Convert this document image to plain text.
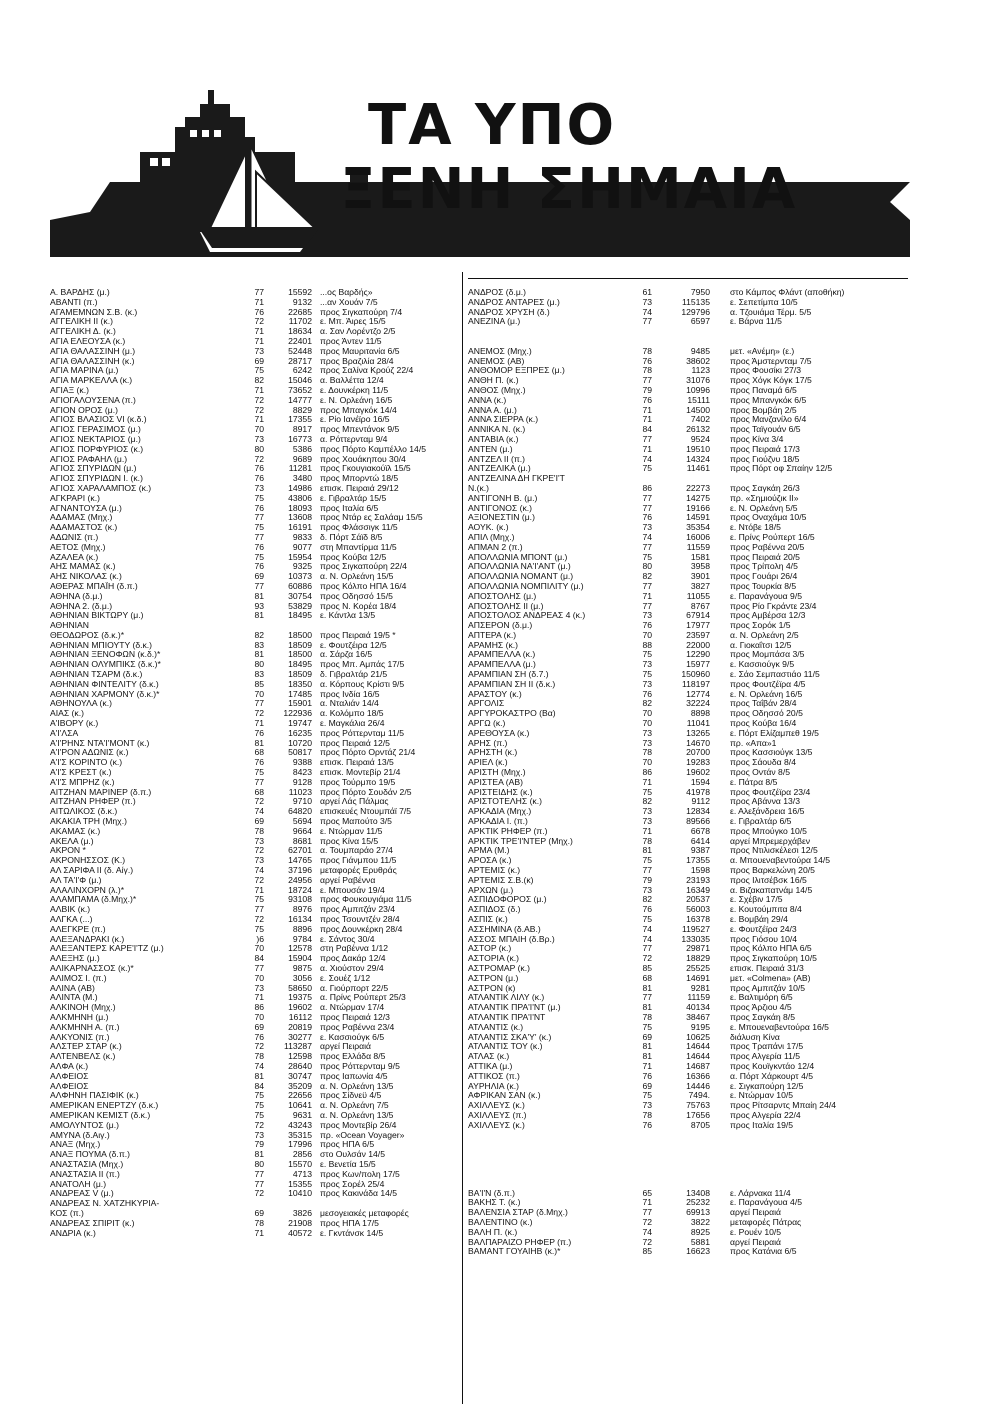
ΤΑ ΥΠΟ
ΞΕΝΗ ΣΗΜΑΙΑ
Α. ΒΑΡΔΗΣ (μ.)	77	15592 ...ος Βαρδής»
ΑΒΑΝΤΙ (π.)	71	9132 ...αν Χουάν 7/5
ΑΓΑΜΕΜΝΩΝ Σ.Β. (κ.)	76	22685 προς Σιγκαπούρη 7/4
ΑΓΓΕΛΙΚΗ ΙΙ (κ.)	72	11702 ε. Μπ. Άιρες 15/5
ΑΓΓΕΛΙΚΗ Δ. (κ.)	71	18634 α. Σαν Λορέντζο 2/5
ΑΓΙΑ ΕΛΕΟΥΣΑ (κ.)	71	22401 προς Άντεν 11/5
ΑΓΙΑ ΘΑΛΑΣΣΙΝΗ (μ.)	73	52448 προς Μαυριτανία 6/5
ΑΓΙΑ ΘΑΛΑΣΣΙΝΗ (κ.)	69	28717 προς Βραζιλία 28/4
ΑΓΙΑ ΜΑΡΙΝΑ (μ.)	75	6242 προς Σαλίνα Κρούζ 22/4
ΑΓΙΑ ΜΑΡΚΕΛΛΑ (κ.)	82	15046 α. Βαλλέττα 12/4
ΑΓΙΑΞ (κ.)	71	73652 ε. Δουνκέρκη 11/5
ΑΓΙΟΓΑΛΟΥΣΕΝΑ (π.)	72	14777 ε. Ν. Ορλεάνη 16/5
ΑΓΙΟΝ ΟΡΟΣ (μ.)	72	8829 προς Μπαγκόκ 14/4
ΑΓΙΟΣ ΒΛΑΣΙΟΣ VI (κ.δ.)	71	17355 ε. Ρίο Ιανέϊρο 16/5
ΑΓΙΟΣ ΓΕΡΑΣΙΜΟΣ (μ.)	70	8917 προς Μπεντάνοκ 9/5
ΑΓΙΟΣ ΝΕΚΤΑΡΙΟΣ (μ.)	73	16773 α. Ρόττερνταμ 9/4
ΑΓΙΟΣ ΠΟΡΦΥΡΙΟΣ (κ.)	80	5386 προς Πόρτο Καμπέλλο 14/5
ΑΓΙΟΣ ΡΑΦΑΗΛ (μ.)	72	9689 προς Χουάκηπου 30/4
ΑΓΙΟΣ ΣΠΥΡΙΔΩΝ (μ.)	76	11281 προς Γκουγιακούϊλ 15/5
ΑΓΙΟΣ ΣΠΥΡΙΔΩΝ Ι. (κ.)	76	3480 προς Μπορντώ 18/5
ΑΓΙΟΣ ΧΑΡΑΛΑΜΠΟΣ (κ.)	73	14986 επισκ. Πειραιά 29/12
ΑΓΚΡΑΡΙ (κ.)	75	43806 ε. Γιβραλτάρ 15/5
ΑΓΝΑΝΤΟΥΣΑ (μ.)	76	18093 προς Ιταλία 6/5
ΑΔΑΜΑΣ (Μηχ.)	77	13608 προς Ντάρ ες Σαλάαμ 15/5
ΑΔΑΜΑΣΤΟΣ (κ.)	75	16191 προς Φλάσσιγκ 11/5
ΑΔΩΝΙΣ (π.)	77	9833 δ. Πόρτ Σάϊδ 8/5
ΑΕΤΟΣ (Μηχ.)	76	9077 στη Μπαντίρμα 11/5
ΑΖΑΛΕΑ (κ.)	75	15954 προς Κούβα 12/5
ΑΗΣ ΜΑΜΑΣ (κ.)	76	9325 προς Σιγκαπούρη 22/4
ΑΗΣ ΝΙΚΟΛΑΣ (κ.)	69	10373 α. Ν. Ορλεάνη 15/5
ΑΘΕΡΑΣ ΜΠΑΪΗ (δ.π.)	77	60886 προς Κόλπο ΗΠΑ 16/4
ΑΘΗΝΑ (δ.μ.)	81	30754 προς Οδησσό 15/5
ΑΘΗΝΑ 2. (δ.μ.)	93	53829 προς Ν. Κορέα 18/4
ΑΘΗΝΙΑΝ ΒΙΚΤΩΡΥ (μ.)	81	18495 ε. Κάντλα 13/5
ΑΘΗΝΙΑΝ
ΘΕΟΔΩΡΟΣ (δ.κ.)*	82	18500 προς Πειραιά 19/5 *
ΑΘΗΝΙΑΝ ΜΠΙΟΥΤΥ (δ.κ.)	83	18509 ε. Φουτζέιρα 12/5
ΑΘΗΝΙΑΝ ΞΕΝΟΦΩΝ (κ.δ.)*	81	18500 α. Σάρζα 16/5
ΑΘΗΝΙΑΝ ΟΛΥΜΠΙΚΣ (δ.κ.)*	80	18495 προς Μπ. Αμπάς 17/5
ΑΘΗΝΙΑΝ ΤΣΑΡΜ (δ.κ.)	83	18509 δ. Γιβραλτάρ 21/5
ΑΘΗΝΙΑΝ ΦΙΝΤΕΛΙΤΥ (δ.κ.)	85	18350 α. Κόρπους Κρίστι 9/5
ΑΘΗΝΙΑΝ ΧΑΡΜΟΝΥ (δ.κ.)*	70	17485 προς Ινδία 16/5
ΑΘΗΝΟΥΛΑ (κ.)	77	15901 α. Νταλιάν 14/4
ΑΙΑΣ (κ.)	72	122936 α. Κολόμπο 18/5
Α'ΙΒΟΡΥ (κ.)	71	19747 ε. Μαγκάλια 26/4
Α'Ι'ΛΣΑ	76	16235 προς Ρόττερνταμ 11/5
Α'Ι'ΡΗΝΣ ΝΤΑ'Ι'ΜΟΝΤ (κ.)	81	10720 προς Πειραιά 12/5
Α'Ι'ΡΟΝ ΑΔΩΝΙΣ (κ.)	68	50817 προς Πόρτο Ορντάζ 21/4
Α'Ι'Σ ΚΟΡΙΝΤΟ (κ.)	76	9388 επισκ. Πειραιά 13/5
Α'Ι'Σ ΚΡΕΣΤ (κ.)	75	8423 επισκ. Μοντεβίρ 21/4
Α'Ι'Σ ΜΠΡΗΖ (κ.)	77	9128 προς Τούρμπο 19/5
ΑΙΤΖΗΑΝ ΜΑΡΙΝΕΡ (δ.π.)	68	11023 προς Πόρτο Σουδάν 2/5
ΑΙΤΖΗΑΝ ΡΗΦΕΡ (π.)	72	9710 αργεί Λάς Πάλμας
ΑΙΤΩΛΙΚΟΣ (δ.κ.)	74	64820 επισκευές Ντουμπάϊ 7/5
ΑΚΑΚΙΑ ΤΡΗ (Μηχ.)	69	5694 προς Μαπούτο 3/5
ΑΚΑΜΑΣ (κ.)	78	9664 ε. Ντώρμαν 11/5
ΑΚΕΛΑ (μ.)	73	8681 προς Κίνα 15/5
ΑΚΡΟΝ *	72	62701 α. Τουμπαράο 27/4
ΑΚΡΟΝΗΣΣΟΣ (Κ.)	73	14765 προς Γιάνμπου 11/5
ΑΛ ΣΑΡΙΦΑ ΙΙ (δ. Αίγ.)	74	37196 μεταφορές Ερυθράς
ΑΛ ΤΑ'Ι'Φ (μ.)	72	24956 αργεί Ραβέννα
ΑΛΑΛΙΝΧΟΡΝ (λ.)*	71	18724 ε. Μπουσάν 19/4
ΑΛΑΜΠΑΜΑ (δ.Μηχ.)*	75	93108 προς Φουκουγιάμα 11/5
ΑΛΒΙΚ (κ.)	77	8976 προς Αμπιτζάν 23/4
ΑΛΓΚΑ (...)	72	16134 προς Τσουντζέν 28/4
ΑΛΕΓΚΡΕ (π.)	75	8896 προς Δουνκέρκη 28/4
ΑΛΕΞΑΝΔΡΑΚΙ (κ.)	)6	9784 ε. Σάντος 30/4
ΑΛΕΞΑΝΤΕΡΣ ΚΑΡΕ'Ι'ΤΖ (μ.)	70	12578 στη Ραβέννα 1/12
ΑΛΕΞΗΣ (μ.)	84	15904 προς Δακάρ 12/4
ΑΛΙΚΑΡΝΑΣΣΟΣ (κ.)*	77	9875 α. Χιούστον 29/4
ΑΛΙΜΟΣ Ι. (π.)	70	3056 ε. Σουέζ 1/12
ΑΛΙΝΑ (ΑΒ)	73	58650 α. Γιούρπορτ 22/5
ΑΛΙΝΤΑ (Μ.)	71	19375 α. Πρίνς Ρούπερτ 25/3
ΑΛΚΙΝΟΗ (Μηχ.)	86	19602 α. Ντώρμαν 17/4
ΑΛΚΜΗΝΗ (μ.)	70	16112 προς Πειραιά 12/3
ΑΛΚΜΗΝΗ Α. (π.)	69	20819 προς Ραβέννα 23/4
ΑΛΚΥΟΝΙΣ (π.)	76	30277 ε. Κασσιούγκ 6/5
ΑΛΣΤΕΡ ΣΤΑΡ (κ.)	72	113287 αργεί Πειραιά
ΑΛΤΕΝΒΕΛΣ (κ.)	78	12598 προς Ελλάδα 8/5
ΑΛΦΑ (κ.)	74	28640 προς Ρόττερνταμ 9/5
ΑΛΦΕΙΟΣ	81	30747 προς Ιαπωνία 4/5
ΑΛΦΕΙΟΣ	84	35209 α. Ν. Ορλεάνη 13/5
ΑΛΦΗΝΗ ΠΑΣΙΦΙΚ (κ.)	75	22656 προς Σίδνεϋ 4/5
ΑΜΕΡΙΚΑΝ ΕΝΕΡΤΖΥ (δ.κ.)	75	10641 α. Ν. Ορλεάνη 7/5
ΑΜΕΡΙΚΑΝ ΚΕΜΙΣΤ (δ.κ.)	75	9631 α. Ν. Ορλεάνη 13/5
ΑΜΟΛΥΝΤΟΣ (μ.)	72	43243 προς Μοντεβίρ 26/4
ΑΜΥΝΑ (δ.Αιγ.)	73	35315 πρ. «Ocean Voyager»
ΑΝΑΞ (Μηχ.)	79	17996 προς ΗΠΑ 6/5
ΑΝΑΞ ΠΟΥΜΑ (δ.π.)	81	2856 στο Ουλσάν 14/5
ΑΝΑΣΤΑΣΙΑ (Μηχ.)	80	15570 ε. Βενετία 15/5
ΑΝΑΣΤΑΣΙΑ ΙΙ (π.)	77	4713 προς Κων/πολη 17/5
ΑΝΑΤΟΛΗ (μ.)	77	15355 προς Σορέλ 25/4
ΑΝΔΡΕΑΣ V (μ.)	72	10410 προς Κακινάδα 14/5
ΑΝΔΡΕΑΣ Ν. ΧΑΤΖΗΚΥΡΙΑ-
ΚΟΣ (π.)	69	3826 μεσογειακές μεταφορές
ΑΝΔΡΕΑΣ ΣΠΙΡΙΤ (κ.)	78	21908 προς ΗΠΑ 17/5
ΑΝΔΡΙΑ (κ.)	71	40572 ε. Γκντάνσκ 14/5
ΑΝΔΡΟΣ (δ.μ.)	61	7950 στο Κάμπος Φλάντ (αποθήκη)
ΑΝΔΡΟΣ ΑΝΤΑΡΕΣ (μ.)	73	115135 ε. Σεπετίμπα 10/5
ΑΝΔΡΟΣ ΧΡΥΣΗ (δ.)	74	129796 α. Τζουιάμα Τέρμ. 5/5
ΑΝΕΖΙΝΑ (μ.)	77	6597 ε. Βάρνα 11/5
ΑΝΕΜΟΣ (Μηχ.)	78	9485 μετ. «Ανέμη» (ε.)
ΑΝΕΜΟΣ (ΑΒ)	76	38602 προς Άμστερνταμ 7/5
ΑΝΘΟΜΟΡ ΕΞΠΡΕΣ (μ.)	78	1123 προς Φουσίκι 27/3
ΑΝΘΗ Π. (κ.)	77	31076 προς Χόγκ Κόγκ 17/5
ΑΝΘΟΣ (Μηχ.)	79	10996 προς Παναμά 6/5
ΑΝΝΑ (κ.)	76	15111 προς Μπανγκόκ 6/5
ΑΝΝΑ Α. (μ.)	71	14500 προς Βομβάη 2/5
ΑΝΝΑ ΣΙΕΡΡΑ (κ.)	71	7402 προς Μανζανίλο 6/4
ΑΝΝΙΚΑ Ν. (κ.)	84	26132 προς Ταϊγουάν 6/5
ΑΝΤΑΒΙΑ (κ.)	77	9524 προς Κίνα 3/4
ΑΝΤΕΝ (μ.)	71	19510 προς Πειραιά 17/3
ΑΝΤΖΕΛ ΙΙ (π.)	74	14324 προς Γιούζνυ 18/5
ΑΝΤΖΕΛΙΚΑ (μ.)	75	11461 προς Πόρτ οφ Σπαίην 12/5
ΑΝΤΖΕΛΙΝΑ ΔΗ ΓΚΡΕ'Ι'Τ
Ν.(κ.)	86	22273 προς Σαγκάη 26/3
ΑΝΤΙΓΟΝΗ Β. (μ.)	77	14275 πρ. «Σημιούζικ ΙΙ»
ΑΝΤΙΓΟΝΟΣ (κ.)	77	19166 ε. Ν. Ορλεάνη 5/5
ΑΞΙΟΝΕΣΤΙΝ (μ.)	76	14591 προς Οναχάμα 10/5
ΑΟΥΚ. (κ.)	73	35354 ε. Ντόβε 18/5
ΑΠΙΛ (Μηχ.)	74	16006 ε. Πρίνς Ρούπερτ 16/5
ΑΠΜΑΝ 2 (π.)	77	11559 προς Ραβέννα 20/5
ΑΠΟΛΛΩΝΙΑ ΜΠΟΝΤ (μ.)	75	1581 προς Πειραιά 20/5
ΑΠΟΛΛΩΝΙΑ ΝΑ'Ι'ΑΝΤ (μ.)	80	3958 προς Τρίπολη 4/5
ΑΠΟΛΛΩΝΙΑ ΝΟΜΑΝΤ (μ.)	82	3901 προς Γουάρι 26/4
ΑΠΟΛΛΩΝΙΑ ΝΟΜΠΙΛΙΤΥ (μ.)	77	3827 προς Τουρκία 8/5
ΑΠΟΣΤΟΛΗΣ (μ.)	71	11055 ε. Παρανάγουα 9/5
ΑΠΟΣΤΟΛΗΣ ΙΙ (μ.)	77	8767 προς Ρίο Γκράντε 23/4
ΑΠΟΣΤΟΛΟΣ ΑΝΔΡΕΑΣ 4 (κ.)	73	67914 προς Αμβέρσα 12/3
ΑΠΣΕΡΟΝ (δ.μ.)	76	17977 προς Σορόκ 1/5
ΑΠΤΕΡΑ (κ.)	70	23597 α. Ν. Ορλεάνη 2/5
ΑΡΑΜΗΣ (κ.)	88	22000 α. Γιοκαΐτσι 12/5
ΑΡΑΜΠΕΛΛΑ (κ.)	75	12290 προς Μομπάσα 3/5
ΑΡΑΜΠΕΛΛΑ (μ.)	73	15977 ε. Κασσιούγκ 9/5
ΑΡΑΜΠΙΑΝ ΣΗ (δ.7.)	75	150960 ε. Σάο Σεμπαστιάο 11/5
ΑΡΑΜΠΙΑΝ ΣΗ ΙΙ (δ.κ.)	73	118197 προς Φουτζέϊρα 4/5
ΑΡΑΣΤΟΥ (κ.)	76	12774 ε. Ν. Ορλεάνη 16/5
ΑΡΓΟΛΙΣ	82	32224 προς Ταΐβάν 28/4
ΑΡΓΥΡΟΚΑΣΤΡΟ (Βα)	70	8898 προς Οδησσό 20/5
ΑΡΓΩ (κ.)	70	11041 προς Κούβα 16/4
ΑΡΕΘΟΥΣΑ (κ.)	73	13265 ε. Πόρτ Ελίζαμπεθ 19/5
ΑΡΗΣ (π.)	73	14670 πρ. «Απα»1
ΑΡΗΣΤΗ (κ.)	78	20700 προς Κασσιούγκ 13/5
ΑΡΙΕΛ (κ.)	70	19283 προς Σάουδα 8/4
ΑΡΙΣΤΗ (Μηχ.)	86	19602 προς Οντάν 8/5
ΑΡΙΣΤΕΑ (ΑΒ)	71	1594 ε. Πάτρα 8/5
ΑΡΙΣΤΕΙΔΗΣ (κ.)	75	41978 προς Φουτζέϊρα 23/4
ΑΡΙΣΤΟΤΕΛΗΣ (κ.)	82	9112 προς Αβάννα 13/3
ΑΡΚΑΔΙΑ (Μηχ.)	73	12834 ε. Αλεξάνδρεια 16/5
ΑΡΚΑΔΙΑ Ι. (π.)	73	89566 ε. Γιβραλτάρ 6/5
ΑΡΚΤΙΚ ΡΗΦΕΡ (π.)	71	6678 προς Μπούγκο 10/5
ΑΡΚΤΙΚ ΤΡΕ'Ι'ΝΤΕΡ (Μηχ.)	78	6414 αργεί Μπρεμερχάβεν
ΑΡΜΑ (Μ.)	81	9387 προς Ντιλισκέλεσι 12/5
ΑΡΟΣΑ (κ.)	75	17355 α. Μπουεναβεντούρα 14/5
ΑΡΤΕΜΙΣ (κ.)	77	1598 προς Βαρκελώνη 20/5
ΑΡΤΕΜΙΣ Σ.Β.(κ)	79	23193 προς Ιλιτσέβσκ 16/5
ΑΡΧΩΝ (μ.)	73	16349 α. Βιζακαπατνάμ 14/5
ΑΣΠΙΔΟΦΟΡΟΣ (μ.)	82	20537 ε. Σχέβιν 17/5
ΑΣΠΙΔΟΣ (δ.)	76	56003 ε. Κουτούμπιτα 8/4
ΑΣΠΙΣ (κ.)	75	16378 ε. Βομβάη 29/4
ΑΣΣΗΜΙΝΑ (δ.ΑΒ.)	74	119527 ε. Φουτζέϊρα 24/3
ΑΣΣΟΣ ΜΠΑΙΗ (δ.Βρ.)	74	133035 προς Γιόσου 10/4
ΑΣΤΟΡ (κ.)	77	29871 προς Κόλπο ΗΠΑ 6/5
ΑΣΤΟΡΙΑ (κ.)	72	18829 προς Σιγκαπούρη 10/5
ΑΣΤΡΟΜΑΡ (κ.)	85	25525 επισκ. Πειραιά 31/3
ΑΣΤΡΟΝ (μ.)	68	14691 μετ. «Colmena» (ΑΒ)
ΑΣΤΡΟΝ (κ)	81	9281 προς Αμπιτζάν 10/5
ΑΤΛΑΝΤΙΚ ΛΙΛΥ (κ.)	77	11159 ε. Βαλτιμόρη 6/5
ΑΤΛΑΝΤΙΚ ΠΡΑ'Ι'ΝΤ (μ.)	81	40134 προς Άρζιου 4/5
ΑΤΛΑΝΤΙΚ ΠΡΑ'Ι'ΝΤ	78	38467 προς Σαγκάη 8/5
ΑΤΛΑΝΤΙΣ (κ.)	75	9195 ε. Μπουεναβεντούρα 16/5
ΑΤΛΑΝΤΙΣ ΣΚΑ'Υ' (κ.)	69	10625 διάλυση Κίνα
ΑΤΛΑΝΤΙΣ ΤΟΥ (κ.)	81	14644 προς Τραπάνι 17/5
ΑΤΛΑΣ (κ.)	81	14644 προς Αλγερία 11/5
ΑΤΤΙΚΑ (μ.)	71	14687 προς Κουϊγκντάο 12/4
ΑΤΤΙΚΟΣ (π.)	76	16366 α. Πόρτ Χάρκουρτ 4/5
ΑΥΡΗΛΙΑ (κ.)	69	14446 ε. Σιγκαπούρη 12/5
ΑΦΡΙΚΑΝ ΣΑΝ (κ.)	75	7494. ε. Ντώρμαν 10/5
ΑΧΙΛΛΕΥΣ (κ.)	73	75763 προς Ρίτσαρντς Μπαίη 24/4
ΑΧΙΛΛΕΥΣ (π.)	78	17656 προς Αλγερία 22/4
ΑΧΙΛΛΕΥΣ (κ.)	76	8705 προς Ιταλία 19/5
ΒΑ'Ι'Ν (δ.π.)	65	13408 ε. Λάρνακα 11/4
ΒΑΚΗΣ Τ. (κ.)	71	25232 ε. Παρανάγουα 4/5
ΒΑΛΕΝΣΙΑ ΣΤΑΡ (δ.Μηχ.)	77	69913 αργεί Πειραιά
ΒΑΛΕΝΤΙΝΟ (κ.)	72	3822 μεταφορές Πάτρας
ΒΑΛΗ Π. (κ.)	74	8925 ε. Ρουέν 10/5
ΒΑΛΠΑΡΑΙΖΟ ΡΗΦΕΡ (π.)	72	5881 αργεί Πειραιά
ΒΑΜΑΝΤ ΓΟΥΑΙΗΒ (κ.)*	85	16623 προς Κατάνια 6/5
